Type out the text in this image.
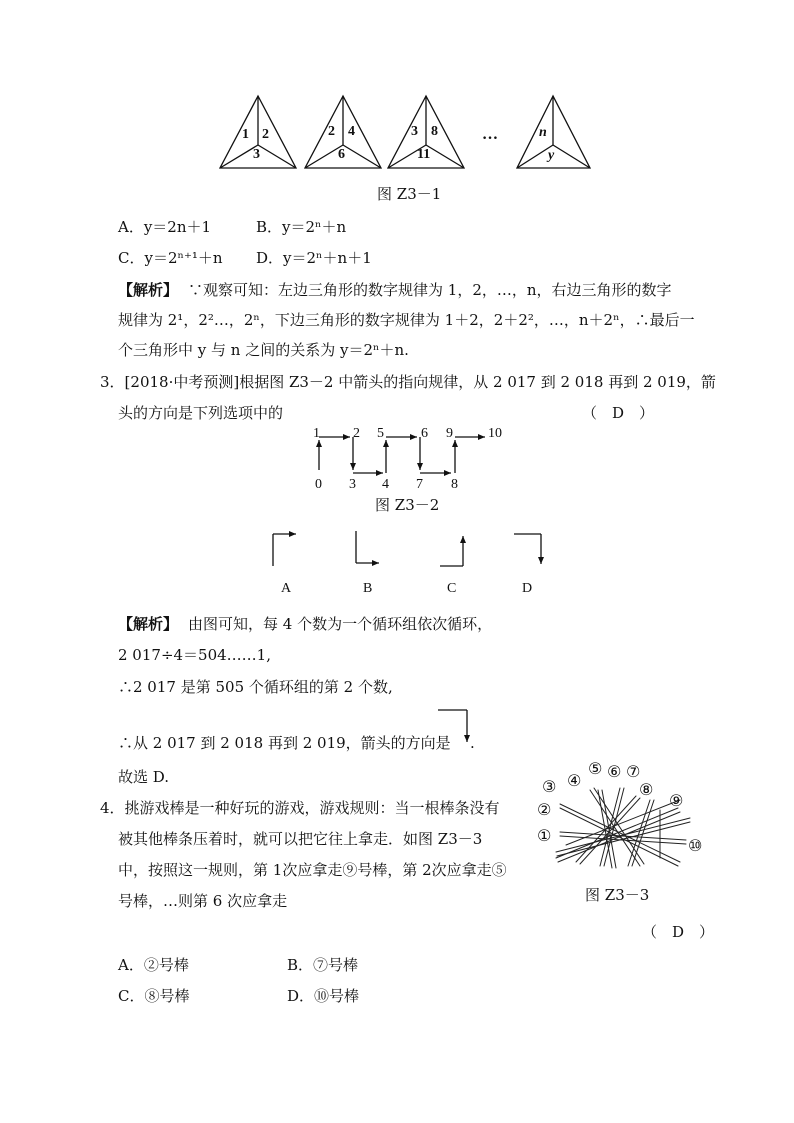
1 2
3
2 4
6
3 8
11
…	n
y
图 Z3－1
A．y＝2n＋1	B．y＝2ⁿ＋n
C．y＝2ⁿ⁺¹＋n D．y＝2ⁿ＋n＋1
【解析】 ∵观察可知：左边三角形的数字规律为 1，2，…，n，右边三角形的数字
规律为 2¹，2²…，2ⁿ，下边三角形的数字规律为 1＋2，2＋2²，…，n＋2ⁿ，∴最后一
个三角形中 y 与 n 之间的关系为 y＝2ⁿ＋n.
3．[2018·中考预测]根据图 Z3－2 中箭头的指向规律，从 2 017 到 2 018 再到 2 019，箭
头的方向是下列选项中的	（　D　）
1 2 5	6 9	10
0 3 4 7 8
图 Z3－2
A	B	C	D
【解析】 由图可知，每 4 个数为一个循环组依次循环，
2 017÷4＝504……1,
∴2 017 是第 505 个循环组的第 2 个数,
∴从 2 017 到 2 018 再到 2 019，箭头的方向是 .
故选 D.
4．挑游戏棒是一种好玩的游戏，游戏规则：当一根棒条没有
被其他棒条压着时，就可以把它往上拿走．如图 Z3－3
中，按照这一规则，第 1次应拿走⑨号棒，第 2次应拿走⑤
号棒，…则第 6 次应拿走
（　D　）
①
②
③ ④
⑤ ⑥ ⑦
⑧
⑨
⑩
图 Z3－3
A．②号棒	B．⑦号棒
C．⑧号棒	D．⑩号棒
